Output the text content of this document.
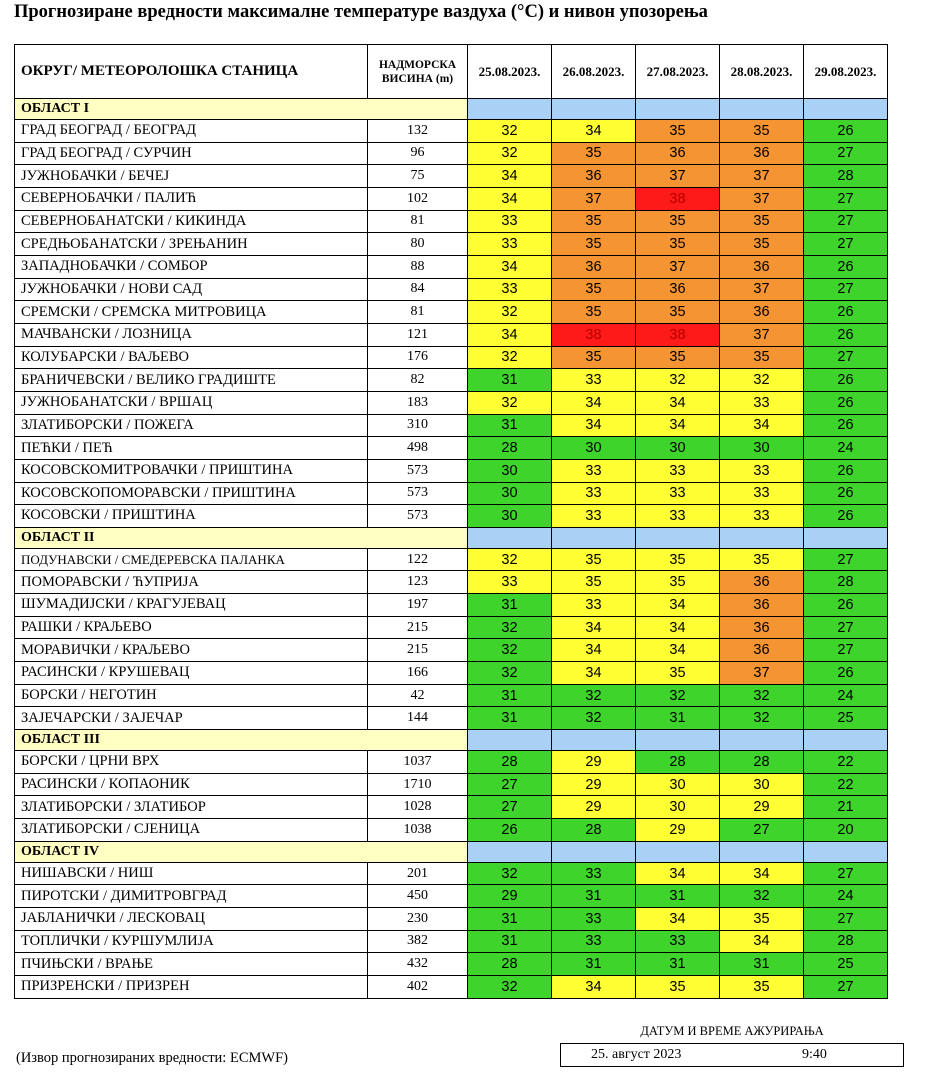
Прогнозиране вредности максималне температуре ваздуха (°C) и нивон упозорења
ОКРУГ/ МЕТЕОРОЛОШКА СТАНИЦА	НАДМОРСКА
ВИСИНА (m)	25.08.2023.	26.08.2023.	27.08.2023.	28.08.2023.	29.08.2023.
ОБЛАСТ I						
ГРАД БЕОГРАД / БЕОГРАД	132	32	34	35	35	26
ГРАД БЕОГРАД / СУРЧИН	96	32	35	36	36	27
ЈУЖНОБАЧКИ / БЕЧЕЈ	75	34	36	37	37	28
СЕВЕРНОБАЧКИ / ПАЛИЋ	102	34	37	38	37	27
СЕВЕРНОБАНАТСКИ / КИКИНДА	81	33	35	35	35	27
СРЕДЊОБАНАТСКИ / ЗРЕЊАНИН	80	33	35	35	35	27
ЗАПАДНОБАЧКИ / СОМБОР	88	34	36	37	36	26
ЈУЖНОБАЧКИ / НОВИ САД	84	33	35	36	37	27
СРЕМСКИ / СРЕМСКА МИТРОВИЦА	81	32	35	35	36	26
МАЧВАНСКИ / ЛОЗНИЦА	121	34	38	38	37	26
КОЛУБАРСКИ / ВАЉЕВО	176	32	35	35	35	27
БРАНИЧЕВСКИ / ВЕЛИКО ГРАДИШТЕ	82	31	33	32	32	26
ЈУЖНОБАНАТСКИ / ВРШАЦ	183	32	34	34	33	26
ЗЛАТИБОРСКИ / ПОЖЕГА	310	31	34	34	34	26
ПЕЋКИ / ПЕЋ	498	28	30	30	30	24
КОСОВСКОМИТРОВАЧКИ / ПРИШТИНА	573	30	33	33	33	26
КОСОВСКОПОМОРАВСКИ / ПРИШТИНА	573	30	33	33	33	26
КОСОВСКИ / ПРИШТИНА	573	30	33	33	33	26
ОБЛАСТ II						
ПОДУНАВСКИ / СМЕДЕРЕВСКА ПАЛАНКА	122	32	35	35	35	27
ПОМОРАВСКИ / ЋУПРИЈА	123	33	35	35	36	28
ШУМАДИЈСКИ / КРАГУЈЕВАЦ	197	31	33	34	36	26
РАШКИ / КРАЉЕВО	215	32	34	34	36	27
МОРАВИЧКИ / КРАЉЕВО	215	32	34	34	36	27
РАСИНСКИ / КРУШЕВАЦ	166	32	34	35	37	26
БОРСКИ / НЕГОТИН	42	31	32	32	32	24
ЗАЈЕЧАРСКИ / ЗАЈЕЧАР	144	31	32	31	32	25
ОБЛАСТ III						
БОРСКИ / ЦРНИ ВРХ	1037	28	29	28	28	22
РАСИНСКИ / КОПАОНИК	1710	27	29	30	30	22
ЗЛАТИБОРСКИ / ЗЛАТИБОР	1028	27	29	30	29	21
ЗЛАТИБОРСКИ / СЈЕНИЦА	1038	26	28	29	27	20
ОБЛАСТ IV						
НИШАВСКИ / НИШ	201	32	33	34	34	27
ПИРОТСКИ / ДИМИТРОВГРАД	450	29	31	31	32	24
ЈАБЛАНИЧКИ / ЛЕСКОВАЦ	230	31	33	34	35	27
ТОПЛИЧКИ / КУРШУМЛИЈА	382	31	33	33	34	28
ПЧИЊСКИ / ВРАЊЕ	432	28	31	31	31	25
ПРИЗРЕНСКИ / ПРИЗРЕН	402	32	34	35	35	27
(Извор прогнозираних вредности: ECMWF)
ДАТУМ И ВРЕМЕ АЖУРИРАЊА
25. август 2023	9:40
